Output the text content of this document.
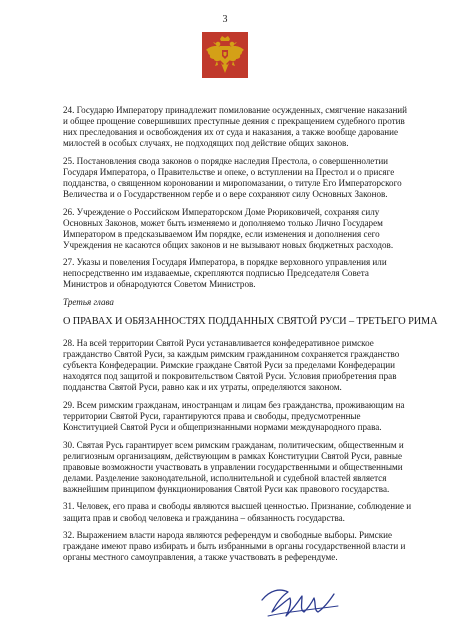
3

24. Государю Императору принадлежит помилование осужденных, смягчение наказаний и общее прощение совершивших преступные деяния с прекращением судебного против них преследования и освобождения их от суда и наказания, а также вообще дарование милостей в особых случаях, не подходящих под действие общих законов.

25. Постановления свода законов о порядке наследия Престола, о совершеннолетии Государя Императора, о Правительстве и опеке, о вступлении на Престол и о присяге подданства, о священном короновании и миропомазании, о титуле Его Императорского Величества и о Государственном гербе и о вере сохраняют силу Основных Законов.

26. Учреждение о Российском Императорском Доме Рюриковичей, сохраняя силу Основных Законов, может быть изменяемо и дополняемо только Лично Государем Императором в предсказываемом Им порядке, если изменения и дополнения сего Учреждения не касаются общих законов и не вызывают новых бюджетных расходов.

27. Указы и повеления Государя Императора, в порядке верховного управления или непосредственно им издаваемые, скрепляются подписью Председателя Совета Министров и обнародуются Советом Министров.

Третья глава
О ПРАВАХ И ОБЯЗАННОСТЯХ ПОДДАННЫХ СВЯТОЙ РУСИ – ТРЕТЬЕГО РИМА

28. На всей территории Святой Руси устанавливается конфедеративное римское гражданство Святой Руси, за каждым римским гражданином сохраняется гражданство субъекта Конфедерации. Римские граждане Святой Руси за пределами Конфедерации находятся под защитой и покровительством Святой Руси. Условия приобретения прав подданства Святой Руси, равно как и их утраты, определяются законом.

29. Всем римским гражданам, иностранцам и лицам без гражданства, проживающим на территории Святой Руси, гарантируются права и свободы, предусмотренные Конституцией Святой Руси и общепризнанными нормами международного права.

30. Святая Русь гарантирует всем римским гражданам, политическим, общественным и религиозным организациям, действующим в рамках Конституции Святой Руси, равные правовые возможности участвовать в управлении государственными и общественными делами. Разделение законодательной, исполнительной и судебной властей является важнейшим принципом функционирования Святой Руси как правового государства.

31. Человек, его права и свободы являются высшей ценностью. Признание, соблюдение и защита прав и свобод человека и гражданина – обязанность государства.

32. Выражением власти народа являются референдум и свободные выборы. Римские граждане имеют право избирать и быть избранными в органы государственной власти и органы местного самоуправления, а также участвовать в референдуме.
